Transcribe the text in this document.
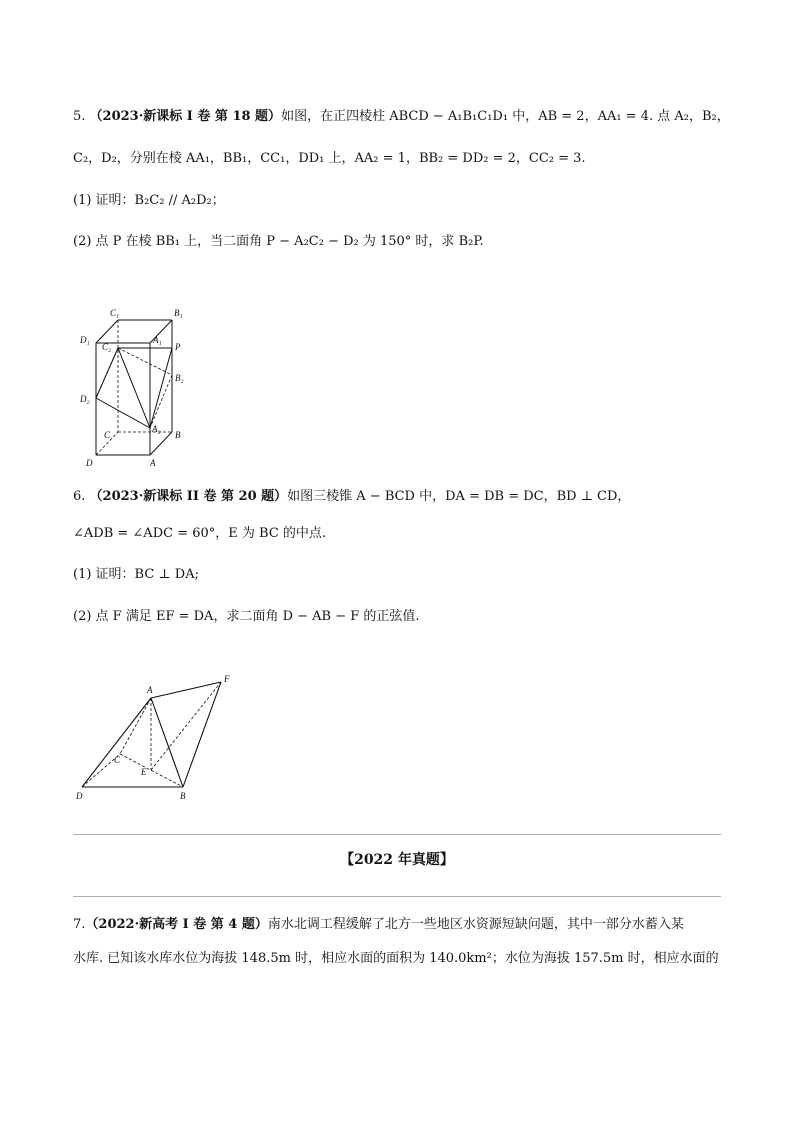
5. （2023·新课标 I 卷 第 18 题）如图，在正四棱柱 ABCD − A₁B₁C₁D₁ 中，AB = 2，AA₁ = 4. 点 A₂，B₂，
C₂，D₂，分别在棱 AA₁，BB₁，CC₁，DD₁ 上，AA₂ = 1，BB₂ = DD₂ = 2，CC₂ = 3.
(1) 证明：B₂C₂ // A₂D₂；
(2) 点 P 在棱 BB₁ 上，当二面角 P − A₂C₂ − D₂ 为 150° 时，求 B₂P.
C₁	B₁
D₁
C₂
A₁
P
B₂
D₂
C
A₂
B
D	A
6. （2023·新课标 II 卷 第 20 题）如图三棱锥 A − BCD 中，DA = DB = DC，BD ⊥ CD，
∠ADB = ∠ADC = 60°，E 为 BC 的中点.
(1) 证明：BC ⊥ DA;
(2) 点 F 满足 EF = DA，求二面角 D − AB − F 的正弦值.
A
F
C
E
D	B
【2022 年真题】
7.（2022·新高考 I 卷 第 4 题）南水北调工程缓解了北方一些地区水资源短缺问题，其中一部分水蓄入某
水库. 已知该水库水位为海拔 148.5m 时，相应水面的面积为 140.0km²；水位为海拔 157.5m 时，相应水面的
